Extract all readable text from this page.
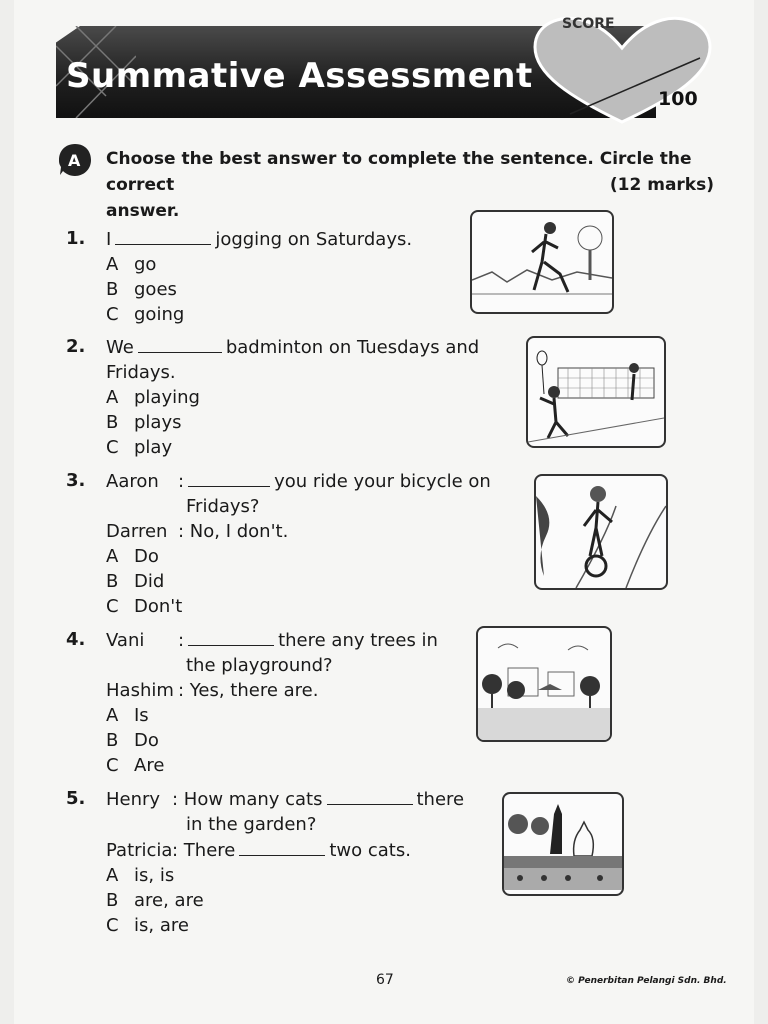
Summative Assessment
SCORE
100
A Choose the best answer to complete the sentence. Circle the correct
answer.
(12 marks)
1.	I	jogging on Saturdays.
A go
B goes
C going
2.	We	badminton on Tuesdays and
Fridays.
A playing
B plays
C play
3.	Aaron :	you ride your bicycle on
Fridays?
Darren : No, I don't.
A Do
B Did
C Don't
4.	Vani :	there any trees in
the playground?
Hashim : Yes, there are.
A Is
B Do
C Are
5.	Henry : How many cats	there
in the garden?
Patricia: There	two cats.
A is, is
B are, are
C is, are
67	© Penerbitan Pelangi Sdn. Bhd.
